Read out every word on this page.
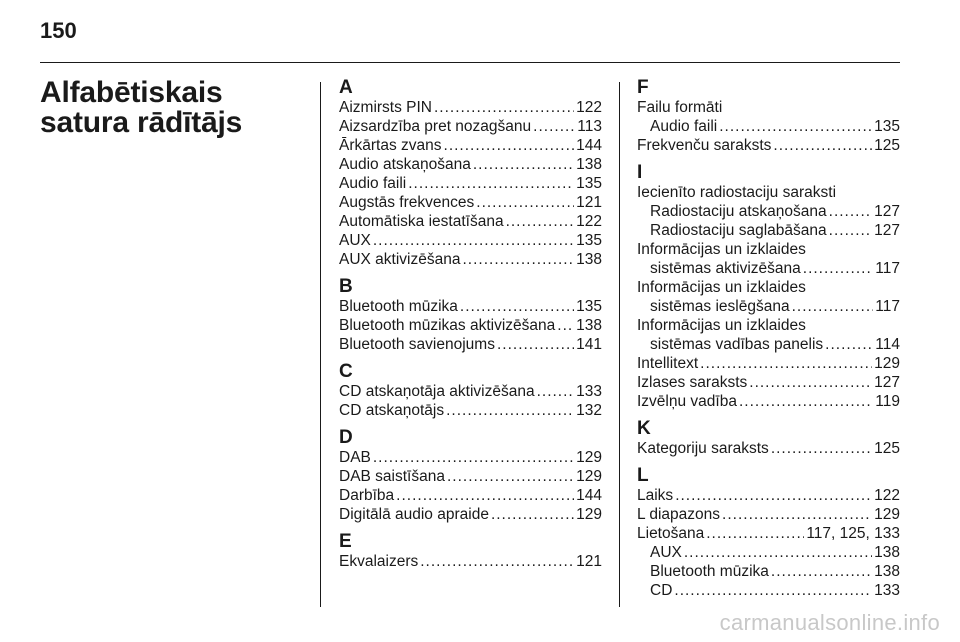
150
Alfabētiskais satura rādītājs
A
Aizmirsts PIN .....	122
Aizsardzība pret nozagšanu .....	113
Ārkārtas zvans .....	144
Audio atskaņošana .....	138
Audio faili .....	135
Augstās frekvences .....	121
Automātiska iestatīšana .....	122
AUX .....	135
AUX aktivizēšana .....	138
B
Bluetooth mūzika .....	135
Bluetooth mūzikas aktivizēšana ..... 138
Bluetooth savienojums .....	141
C
CD atskaņotāja aktivizēšana .....	133
CD atskaņotājs .....	132
D
DAB .....	129
DAB saistīšana .....	129
Darbība .....	144
Digitālā audio apraide .....	129
E
Ekvalaizers .....	121
F
Failu formāti
Audio faili .....	135
Frekvenču saraksts .....	125
I
Iecienīto radiostaciju saraksti
Radiostaciju atskaņošana .....	127
Radiostaciju saglabāšana .....	127
Informācijas un izklaides
sistēmas aktivizēšana .....	117
Informācijas un izklaides
sistēmas ieslēgšana .....	117
Informācijas un izklaides
sistēmas vadības panelis .....	114
Intellitext .....	129
Izlases saraksts .....	127
Izvēlņu vadība .....	119
K
Kategoriju saraksts .....	125
L
Laiks .....	122
L diapazons .....	129
Lietošana .....	117, 125, 133
AUX .....	138
Bluetooth mūzika .....	138
CD .....	133
carmanualsonline.info
